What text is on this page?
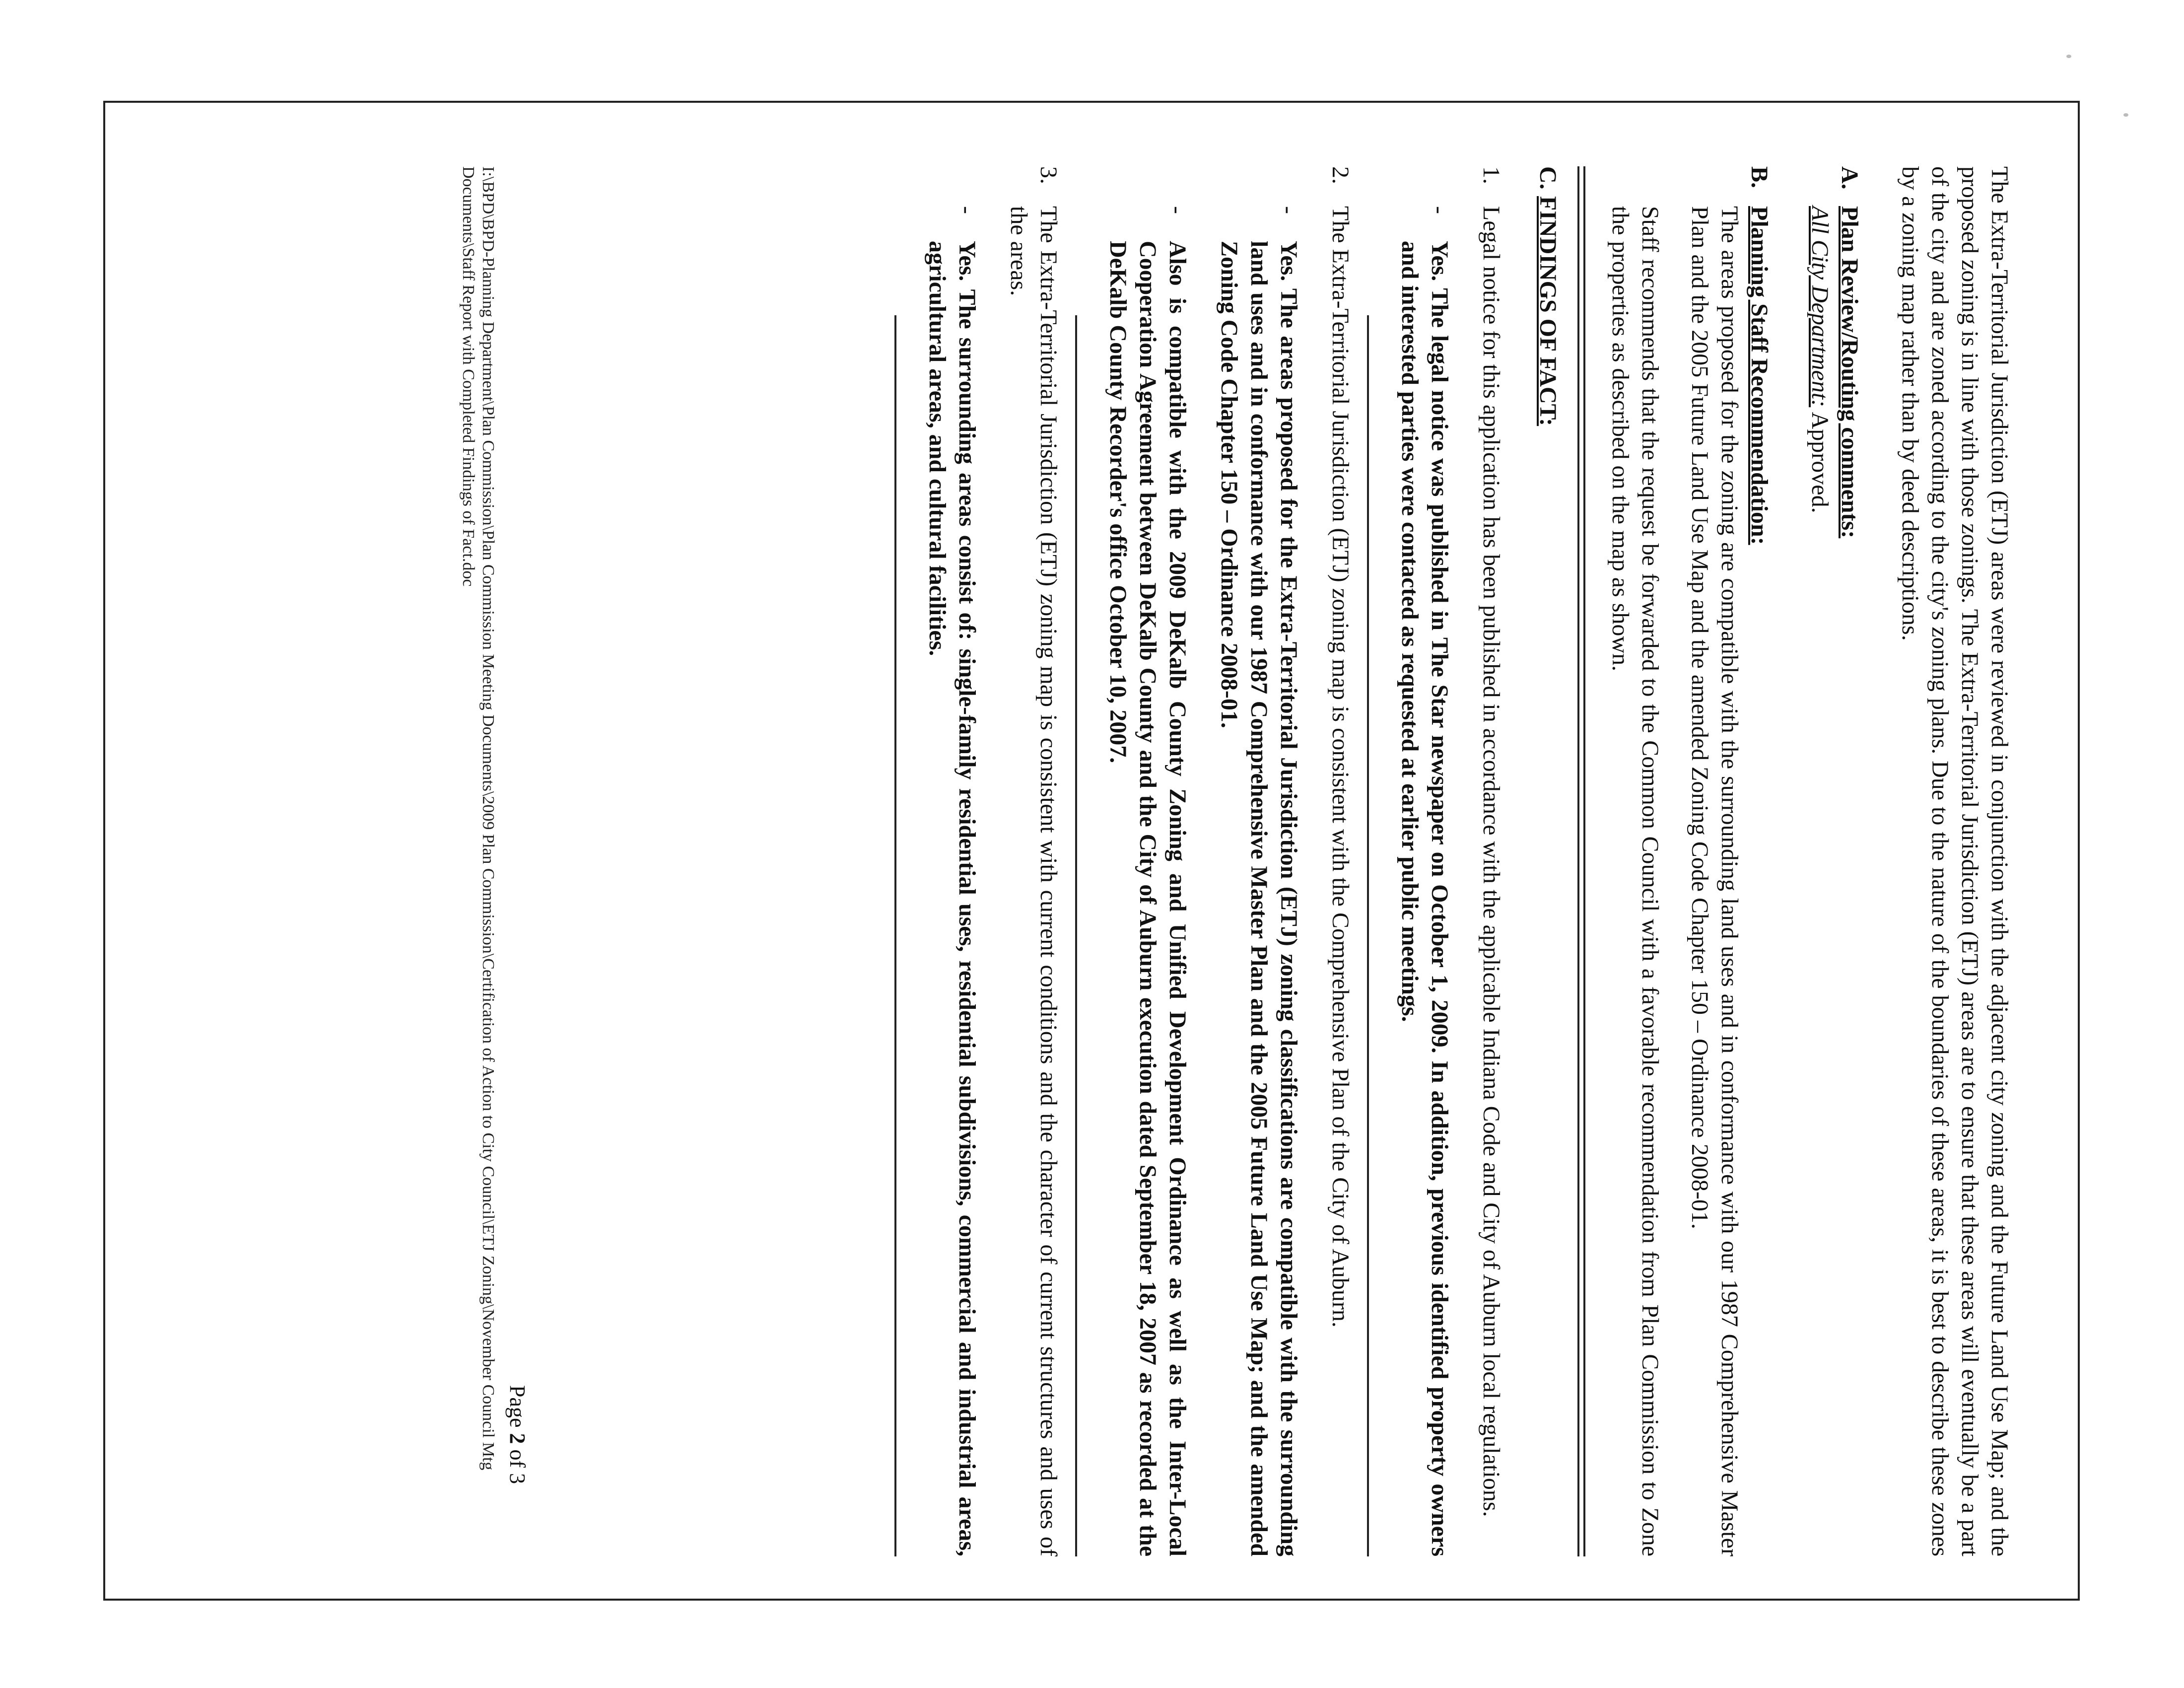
The Extra-Territorial Jurisdiction (ETJ) areas were reviewed in conjunction with the adjacent city zoning and the Future Land Use Map; and the proposed zoning is in line with those zonings. The Extra-Territorial Jurisdiction (ETJ) areas are to ensure that these areas will eventually be a part of the city and are zoned according to the city's zoning plans. Due to the nature of the boundaries of these areas, it is best to describe these zones by a zoning map rather than by deed descriptions.

A.
Plan Review/Routing comments:
All City Department: Approved.
B.
Planning Staff Recommendation:

The areas proposed for the zoning are compatible with the surrounding land uses and in conformance with our 1987 Comprehensive Master Plan and the 2005 Future Land Use Map and the amended Zoning Code Chapter 150 – Ordinance 2008-01.

Staff recommends that the request be forwarded to the Common Council with a favorable recommendation from Plan Commission to Zone the properties as described on the map as shown.

C.
FINDINGS OF FACT:
1.
Legal notice for this application has been published in accordance with the applicable Indiana Code and City of Auburn local regulations.
-
Yes. The legal notice was published in The Star newspaper on October 1, 2009. In addition, previous identified property owners and interested parties were contacted as requested at earlier public meetings.
2.
The Extra-Territorial Jurisdiction (ETJ) zoning map is consistent with the Comprehensive Plan of the City of Auburn.
-
Yes. The areas proposed for the Extra-Territorial Jurisdiction (ETJ) zoning classifications are compatible with the surrounding land uses and in conformance with our 1987 Comprehensive Master Plan and the 2005 Future Land Use Map; and the amended Zoning Code Chapter 150 – Ordinance 2008-01.
-
Also is compatible with the 2009 DeKalb County Zoning and Unified Development Ordinance as well as the Inter-Local Cooperation Agreement between DeKalb County and the City of Auburn execution dated September 18, 2007 as recorded at the DeKalb County Recorder's office October 10, 2007.
3.
The Extra-Territorial Jurisdiction (ETJ) zoning map is consistent with current conditions and the character of current structures and uses of the areas.
-
Yes. The surrounding areas consist of: single-family residential uses, residential subdivisions, commercial and industrial areas, agricultural areas, and cultural facilities.
Page 2 of 3
I:\BPD\BPD-Planning Department\Plan Commission\Plan Commission Meeting Documents\2009 Plan Commission\Certification of Action to City Council\ETJ Zoning\November Council Mtg Documents\Staff Report with Completed Findings of Fact.doc
